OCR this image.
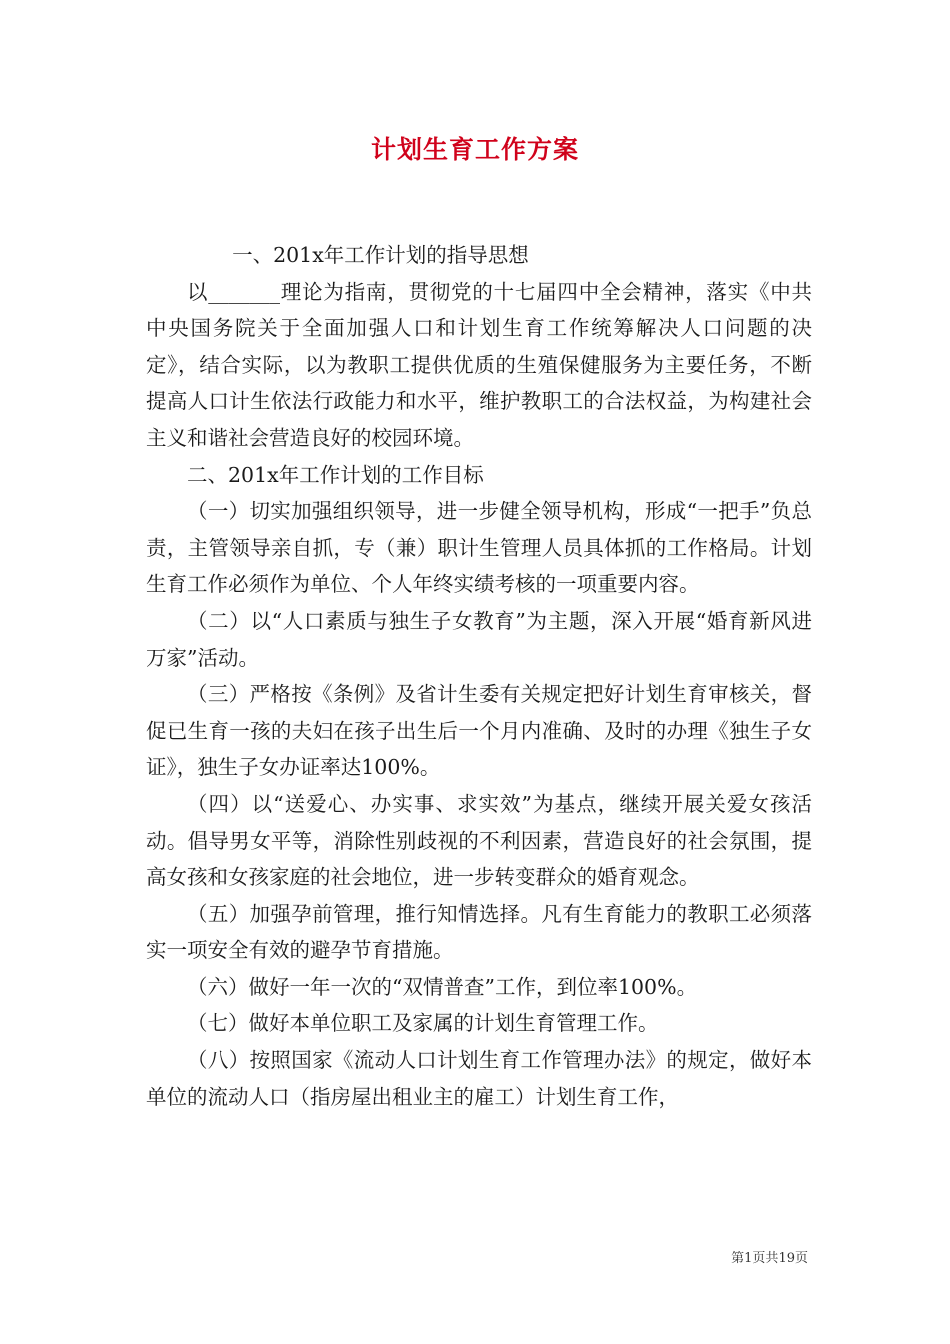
计划生育工作方案

一、201x年工作计划的指导思想

以_______理论为指南，贯彻党的十七届四中全会精神，落实《中共中央国务院关于全面加强人口和计划生育工作统筹解决人口问题的决定》，结合实际，以为教职工提供优质的生殖保健服务为主要任务，不断提高人口计生依法行政能力和水平，维护教职工的合法权益，为构建社会主义和谐社会营造良好的校园环境。

二、201x年工作计划的工作目标

（一）切实加强组织领导，进一步健全领导机构，形成“一把手”负总责，主管领导亲自抓，专（兼）职计生管理人员具体抓的工作格局。计划生育工作必须作为单位、个人年终实绩考核的一项重要内容。

（二）以“人口素质与独生子女教育”为主题，深入开展“婚育新风进万家”活动。

（三）严格按《条例》及省计生委有关规定把好计划生育审核关，督促已生育一孩的夫妇在孩子出生后一个月内准确、及时的办理《独生子女证》，独生子女办证率达100%。

（四）以“送爱心、办实事、求实效”为基点，继续开展关爱女孩活动。倡导男女平等，消除性别歧视的不利因素，营造良好的社会氛围，提高女孩和女孩家庭的社会地位，进一步转变群众的婚育观念。

（五）加强孕前管理，推行知情选择。凡有生育能力的教职工必须落实一项安全有效的避孕节育措施。

（六）做好一年一次的“双情普查”工作，到位率100%。

（七）做好本单位职工及家属的计划生育管理工作。

（八）按照国家《流动人口计划生育工作管理办法》的规定，做好本单位的流动人口（指房屋出租业主的雇工）计划生育工作，

第1页共19页
